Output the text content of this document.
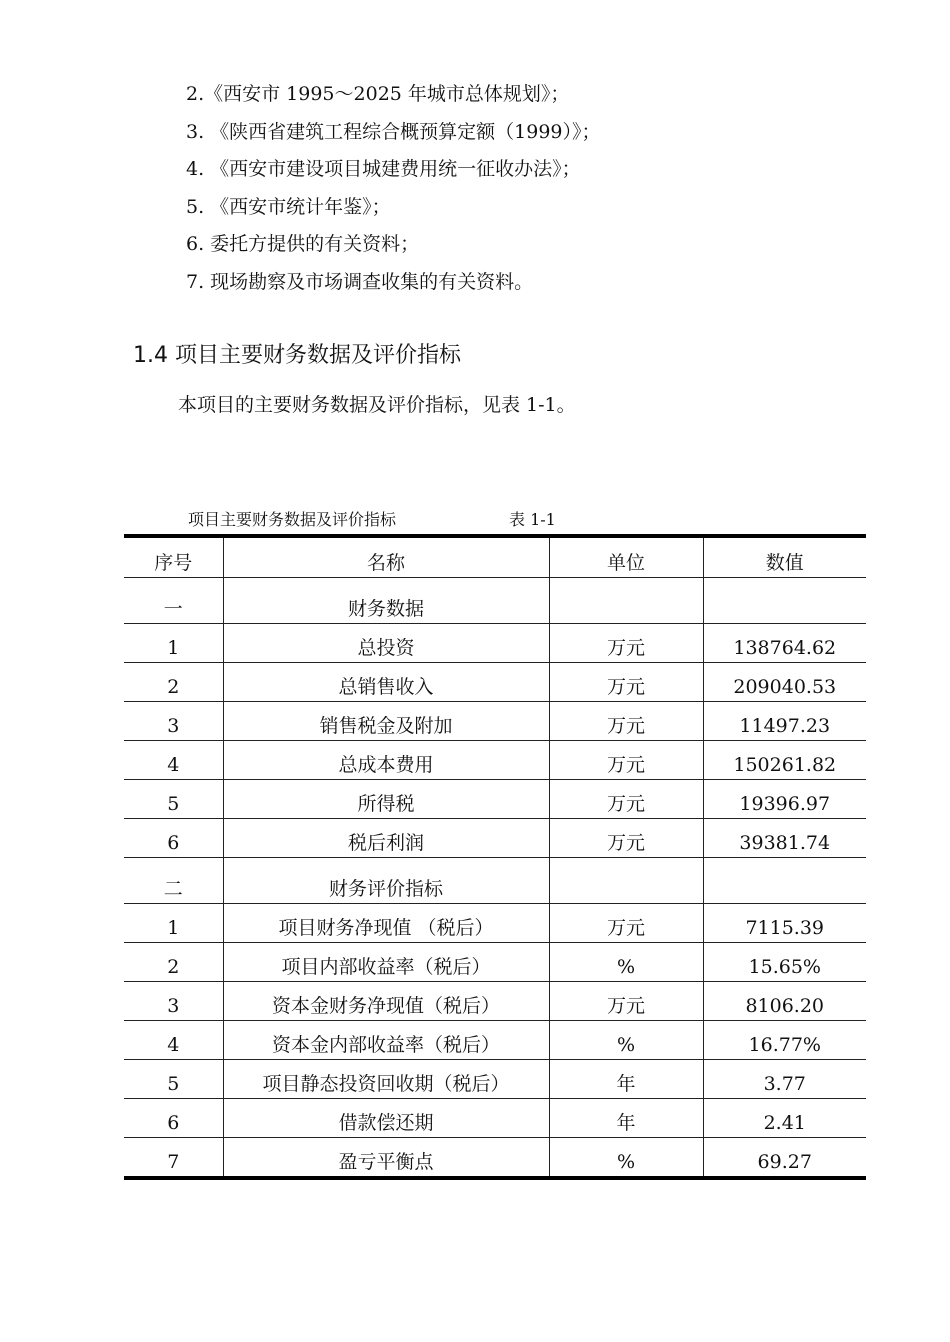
2.《西安市 1995～2025 年城市总体规划》；
3. 《陕西省建筑工程综合概预算定额（1999）》；
4. 《西安市建设项目城建费用统一征收办法》；
5. 《西安市统计年鉴》；
6. 委托方提供的有关资料；
7. 现场勘察及市场调查收集的有关资料。
1.4 项目主要财务数据及评价指标
本项目的主要财务数据及评价指标，见表 1-1。
项目主要财务数据及评价指标	表 1-1
序号	名称	单位	数值
一	财务数据		
1	总投资	万元	138764.62
2	总销售收入	万元	209040.53
3	销售税金及附加	万元	11497.23
4	总成本费用	万元	150261.82
5	所得税	万元	19396.97
6	税后利润	万元	39381.74
二	财务评价指标		
1	项目财务净现值 （税后）	万元	7115.39
2	项目内部收益率（税后）	%	15.65%
3	资本金财务净现值（税后）	万元	8106.20
4	资本金内部收益率（税后）	%	16.77%
5	项目静态投资回收期（税后）	年	3.77
6	借款偿还期	年	2.41
7	盈亏平衡点	%	69.27
